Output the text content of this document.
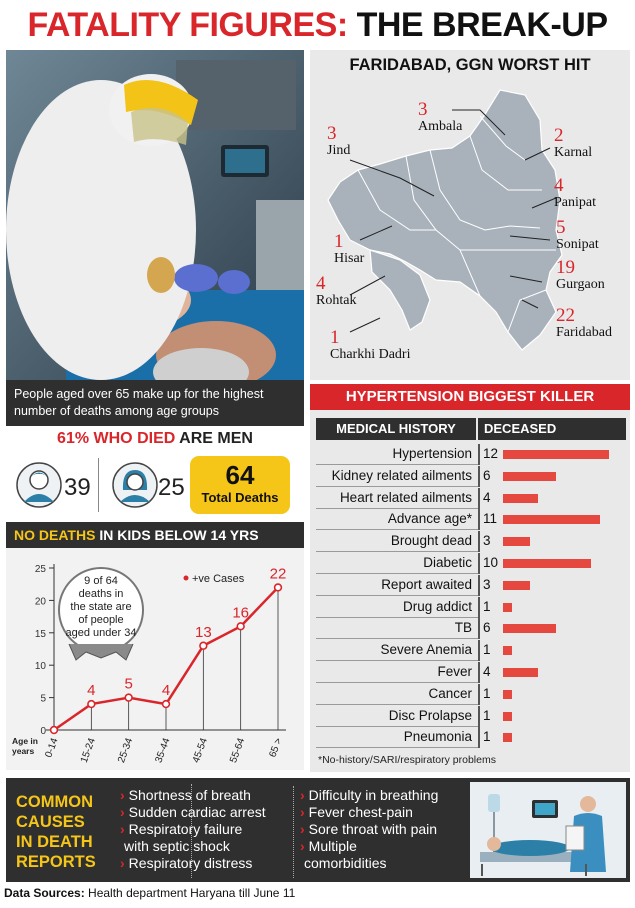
FATALITY FIGURES: THE BREAK-UP
People aged over 65 make up for the highest number of deaths among age groups
FARIDABAD, GGN WORST HIT
3
Ambala
3
Jind
2
Karnal
4
Panipat
1
Hisar
5
Sonipat
4
Rohtak
19
Gurgaon
22
Faridabad
1
Charkhi Dadri
61% WHO DIED ARE MEN
39	25	64
Total Deaths
NO DEATHS IN KIDS BELOW 14 YRS
0
5
10
15
20
25
0-14 15-24 25-34 35-44 45-54 55-64 65 >
Age in years
4 5 4
13
16
22
+ve Cases
9 of 64 deaths in the state are of people aged under 34
HYPERTENSION BIGGEST KILLER
MEDICAL HISTORY	DECEASED
Hypertension 12
Kidney related ailments 6
Heart related ailments 4
Advance age* 11
Brought dead 3
Diabetic 10
Report awaited 3
Drug addict 1
TB 6
Severe Anemia 1
Fever 4
Cancer 1
Disc Prolapse 1
Pneumonia 1
*No-history/SARI/respiratory problems
COMMON
CAUSES
IN DEATH
REPORTS
› Shortness of breath
› Sudden cardiac arrest
› Respiratory failure
with septic shock
› Respiratory distress
› Difficulty in breathing
› Fever chest-pain
› Sore throat with pain
› Multiple
comorbidities
Data Sources: Health department Haryana till June 11
